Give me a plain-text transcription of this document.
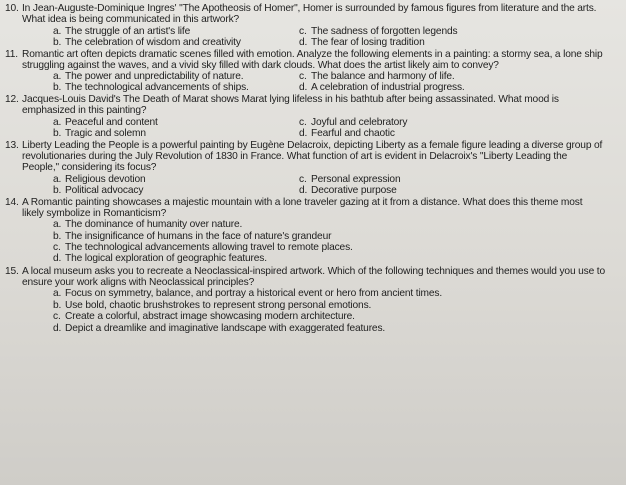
10. In Jean-Auguste-Dominique Ingres' "The Apotheosis of Homer", Homer is surrounded by famous figures from literature and the arts. What idea is being communicated in this artwork?
a. The struggle of an artist's life	c. The sadness of forgotten legends
b. The celebration of wisdom and creativity	d. The fear of losing tradition
11. Romantic art often depicts dramatic scenes filled with emotion. Analyze the following elements in a painting: a stormy sea, a lone ship struggling against the waves, and a vivid sky filled with dark clouds. What does the artist likely aim to convey?
a. The power and unpredictability of nature.	c. The balance and harmony of life.
b. The technological advancements of ships.	d. A celebration of industrial progress.
12. Jacques-Louis David's The Death of Marat shows Marat lying lifeless in his bathtub after being assassinated. What mood is emphasized in this painting?
a. Peaceful and content	c. Joyful and celebratory
b. Tragic and solemn	d. Fearful and chaotic
13. Liberty Leading the People is a powerful painting by Eugène Delacroix, depicting Liberty as a female figure leading a diverse group of revolutionaries during the July Revolution of 1830 in France. What function of art is evident in Delacroix's "Liberty Leading the People," considering its focus?
a. Religious devotion	c. Personal expression
b. Political advocacy	d. Decorative purpose
14. A Romantic painting showcases a majestic mountain with a lone traveler gazing at it from a distance. What does this theme most likely symbolize in Romanticism?
a. The dominance of humanity over nature.
b. The insignificance of humans in the face of nature's grandeur
c. The technological advancements allowing travel to remote places.
d. The logical exploration of geographic features.
15. A local museum asks you to recreate a Neoclassical-inspired artwork. Which of the following techniques and themes would you use to ensure your work aligns with Neoclassical principles?
a. Focus on symmetry, balance, and portray a historical event or hero from ancient times.
b. Use bold, chaotic brushstrokes to represent strong personal emotions.
c. Create a colorful, abstract image showcasing modern architecture.
d. Depict a dreamlike and imaginative landscape with exaggerated features.
